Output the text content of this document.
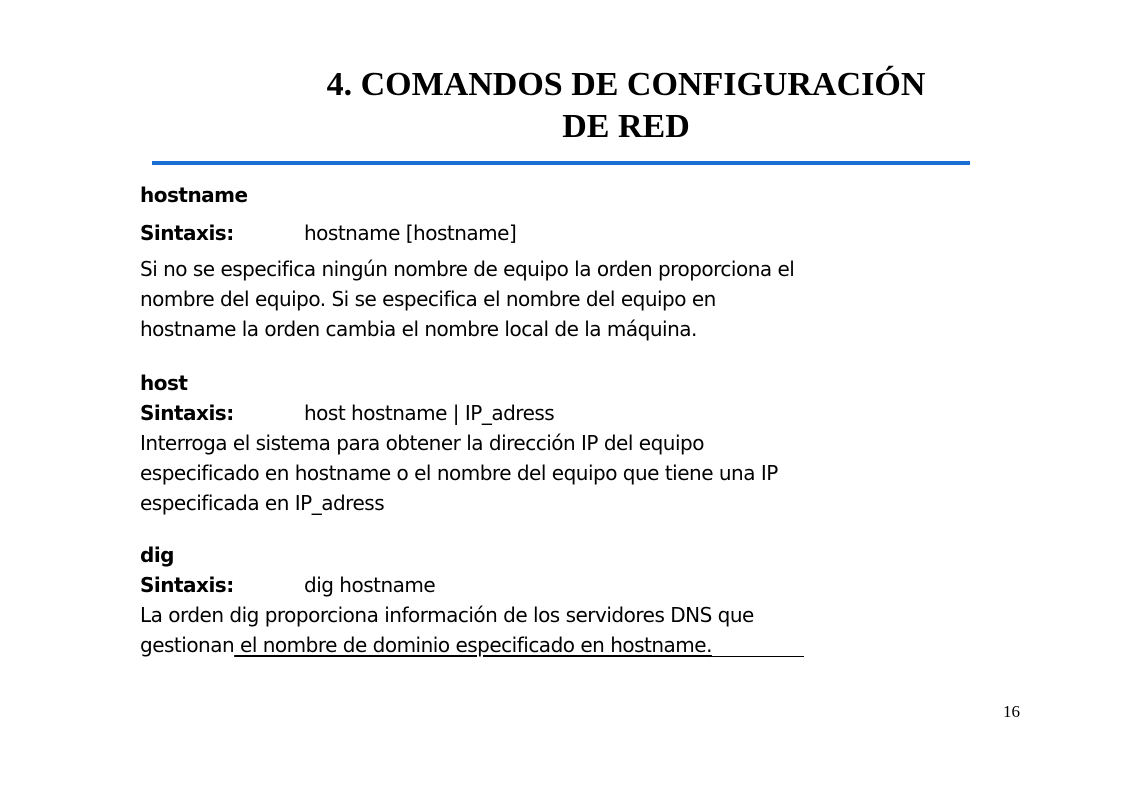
4. COMANDOS DE CONFIGURACIÓN
DE RED

hostname

Sintaxis:	hostname [hostname]

Si no se especifica ningún nombre de equipo la orden proporciona el

nombre del equipo. Si se especifica el nombre del equipo en

hostname la orden cambia el nombre local de la máquina.

host

Sintaxis:	host hostname | IP_adress

Interroga el sistema para obtener la dirección IP del equipo

especificado en hostname o el nombre del equipo que tiene una IP

especificada en IP_adress

dig

Sintaxis:	dig hostname

La orden dig proporciona información de los servidores DNS que

gestionan el nombre de dominio especificado en hostname.

16
